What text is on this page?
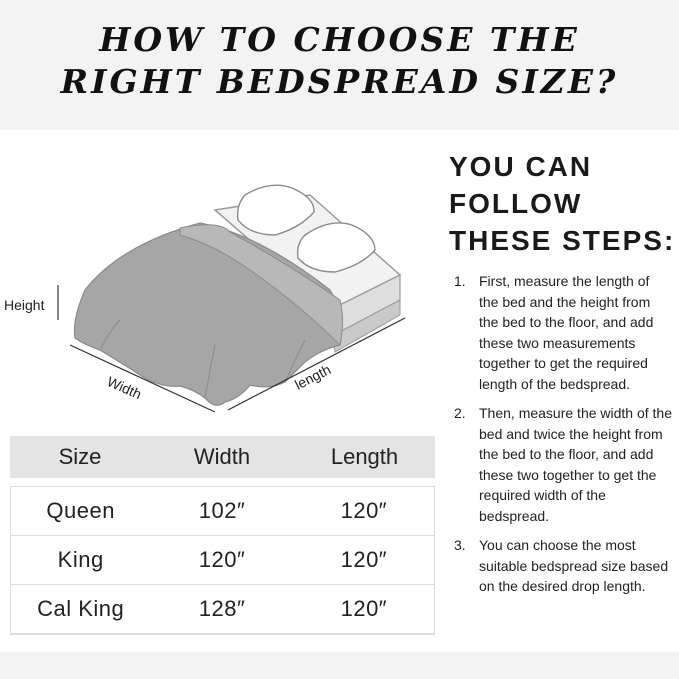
HOW TO CHOOSE THE
RIGHT BEDSPREAD SIZE?
Height
Width	length
Size	Width	Length
Queen	102″	120″
King	120″	120″
Cal King	128″	120″
YOU CAN
FOLLOW
THESE STEPS:
1. First, measure the length of the bed and the height from the bed to the floor, and add these two measurements together to get the required length of the bedspread.
2. Then, measure the width of the bed and twice the height from the bed to the floor, and add these two together to get the required width of the bedspread.
3. You can choose the most suitable bedspread size based on the desired drop length.
